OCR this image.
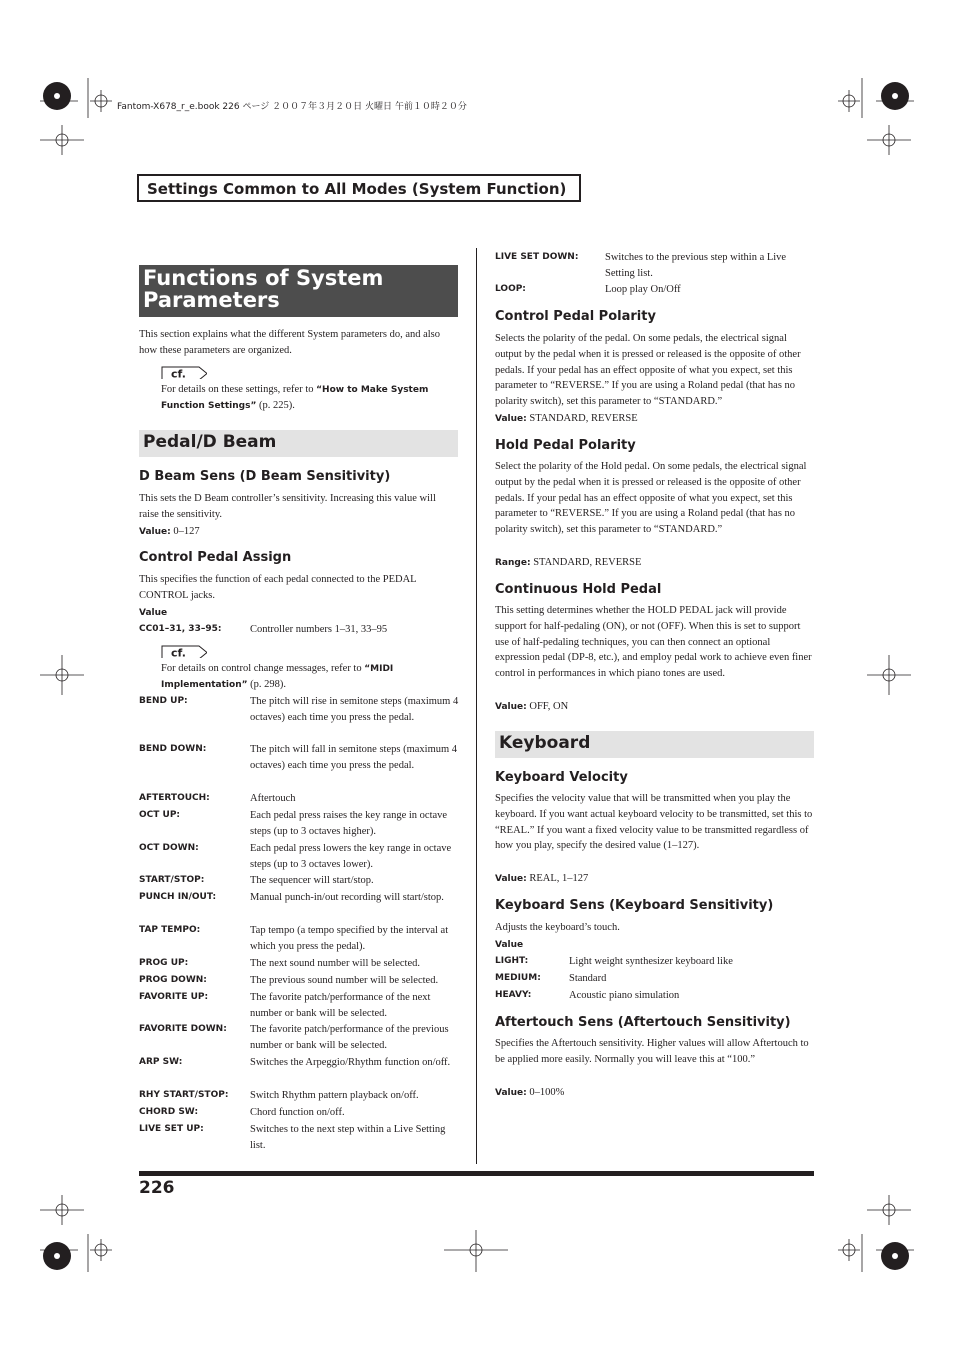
Fantom-X678_r_e.book 226 ページ ２００７年３月２０日 火曜日 午前１０時２０分
Settings Common to All Modes (System Function)
Functions of System
Parameters
This section explains what the different System parameters do, and also how these parameters are organized.
cf.
For details on these settings, refer to “How to Make System Function Settings” (p. 225).
Pedal/D Beam
D Beam Sens (D Beam Sensitivity)
This sets the D Beam controller’s sensitivity. Increasing this value will raise the sensitivity.
Value: 0–127
Control Pedal Assign
This specifies the function of each pedal connected to the PEDAL CONTROL jacks.
Value
CC01–31, 33–95:	Controller numbers 1–31, 33–95
cf.
For details on control change messages, refer to “MIDI Implementation” (p. 298).
BEND UP:	The pitch will rise in semitone steps (maximum 4 octaves) each time you press the pedal.
BEND DOWN:	The pitch will fall in semitone steps (maximum 4 octaves) each time you press the pedal.
AFTERTOUCH:	Aftertouch
OCT UP:	Each pedal press raises the key range in octave steps (up to 3 octaves higher).
OCT DOWN:	Each pedal press lowers the key range in octave steps (up to 3 octaves lower).
START/STOP:	The sequencer will start/stop.
PUNCH IN/OUT:	Manual punch-in/out recording will start/stop.
TAP TEMPO:	Tap tempo (a tempo specified by the interval at which you press the pedal).
PROG UP:	The next sound number will be selected.
PROG DOWN:	The previous sound number will be selected.
FAVORITE UP:	The favorite patch/performance of the next number or bank will be selected.
FAVORITE DOWN: The favorite patch/performance of the previous number or bank will be selected.
ARP SW:	Switches the Arpeggio/Rhythm function on/off.
RHY START/STOP: Switch Rhythm pattern playback on/off.
CHORD SW:	Chord function on/off.
LIVE SET UP:	Switches to the next step within a Live Setting list.
LIVE SET DOWN:	Switches to the previous step within a Live Setting list.
LOOP:	Loop play On/Off
Control Pedal Polarity
Selects the polarity of the pedal. On some pedals, the electrical signal output by the pedal when it is pressed or released is the opposite of other pedals. If your pedal has an effect opposite of what you expect, set this parameter to “REVERSE.” If you are using a Roland pedal (that has no polarity switch), set this parameter to “STANDARD.”
Value: STANDARD, REVERSE
Hold Pedal Polarity
Select the polarity of the Hold pedal. On some pedals, the electrical signal output by the pedal when it is pressed or released is the opposite of other pedals. If your pedal has an effect opposite of what you expect, set this parameter to “REVERSE.” If you are using a Roland pedal (that has no polarity switch), set this parameter to “STANDARD.”
Range: STANDARD, REVERSE
Continuous Hold Pedal
This setting determines whether the HOLD PEDAL jack will provide support for half-pedaling (ON), or not (OFF). When this is set to support use of half-pedaling techniques, you can then connect an optional expression pedal (DP-8, etc.), and employ pedal work to achieve even finer control in performances in which piano tones are used.
Value: OFF, ON
Keyboard
Keyboard Velocity
Specifies the velocity value that will be transmitted when you play the keyboard. If you want actual keyboard velocity to be transmitted, set this to “REAL.” If you want a fixed velocity value to be transmitted regardless of how you play, specify the desired value (1–127).
Value: REAL, 1–127
Keyboard Sens (Keyboard Sensitivity)
Adjusts the keyboard’s touch.
Value
LIGHT:	Light weight synthesizer keyboard like
MEDIUM:	Standard
HEAVY:	Acoustic piano simulation
Aftertouch Sens (Aftertouch Sensitivity)
Specifies the Aftertouch sensitivity. Higher values will allow Aftertouch to be applied more easily. Normally you will leave this at “100.”
Value: 0–100%
226
